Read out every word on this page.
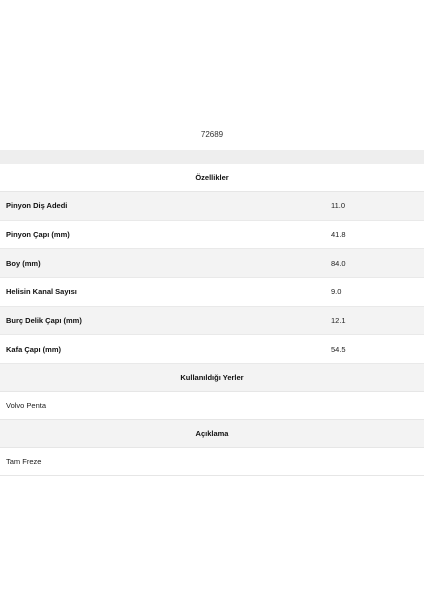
72689
Özellikler
Pinyon Diş Adedi	11.0
Pinyon Çapı (mm)	41.8
Boy (mm)	84.0
Helisin Kanal Sayısı	9.0
Burç Delik Çapı (mm)	12.1
Kafa Çapı (mm)	54.5
Kullanıldığı Yerler
Volvo Penta
Açıklama
Tam Freze
